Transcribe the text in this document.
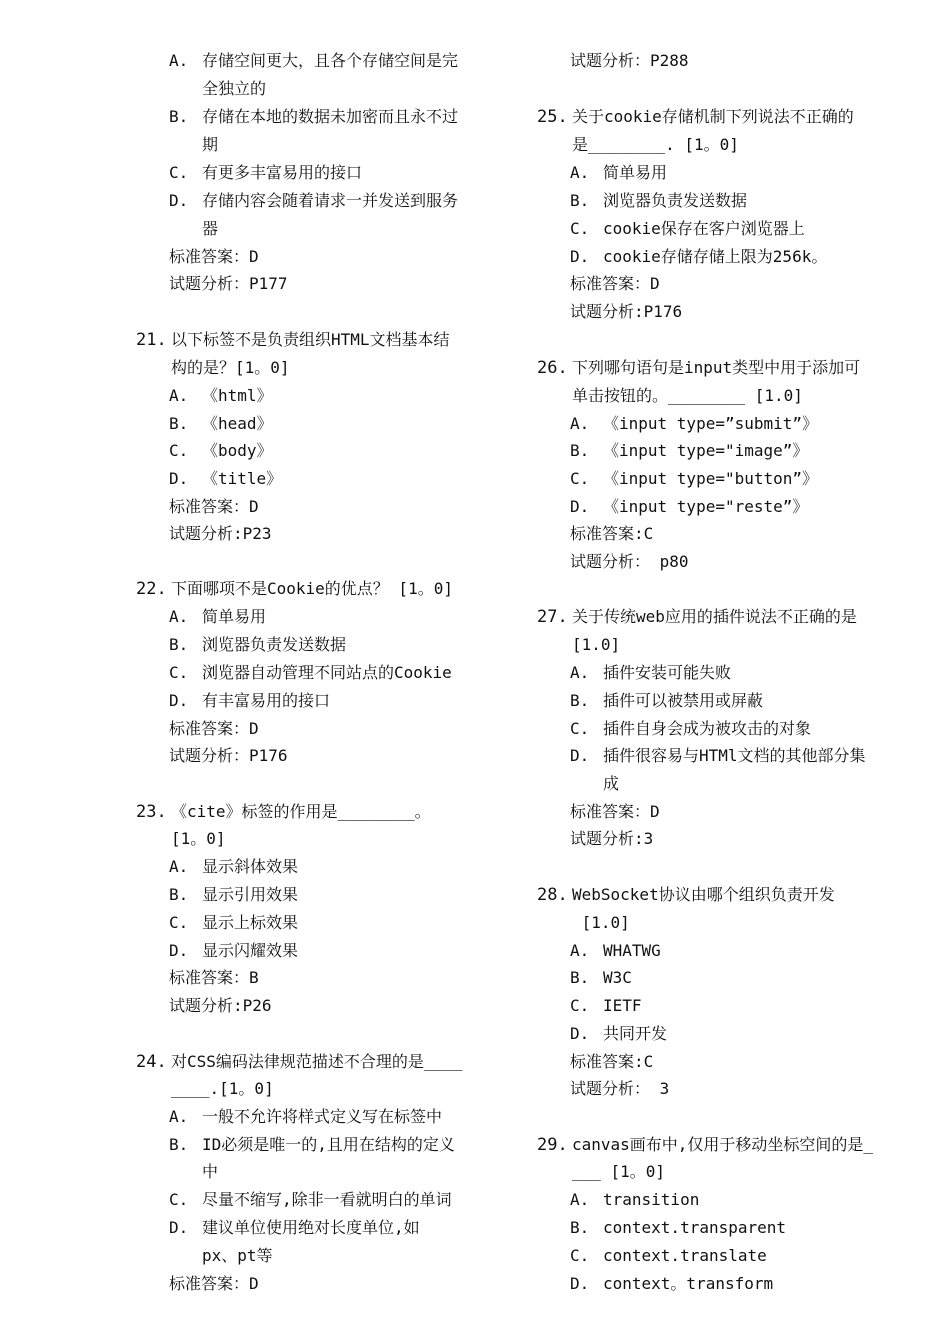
A. 存储空间更大，且各个存储空间是完
全独立的
B. 存储在本地的数据未加密而且永不过
期
C. 有更多丰富易用的接口
D. 存储内容会随着请求一并发送到服务
器
标准答案：D
试题分析：P177
21. 以下标签不是负责组织HTML文档基本结
构的是？[1。0]
A. 《html》
B. 《head》
C. 《body》
D. 《title》
标准答案：D
试题分析:P23
22. 下面哪项不是Cookie的优点？ [1。0]
A. 简单易用
B. 浏览器负责发送数据
C. 浏览器自动管理不同站点的Cookie
D. 有丰富易用的接口
标准答案：D
试题分析：P176
23. 《cite》标签的作用是________。
[1。0]
A. 显示斜体效果
B. 显示引用效果
C. 显示上标效果
D. 显示闪耀效果
标准答案：B
试题分析:P26
24. 对CSS编码法律规范描述不合理的是____
____.[1。0]
A. 一般不允许将样式定义写在标签中
B. ID必须是唯一的,且用在结构的定义
中
C. 尽量不缩写,除非一看就明白的单词
D. 建议单位使用绝对长度单位,如
px、pt等
标准答案：D
试题分析：P288
25. 关于cookie存储机制下列说法不正确的
是________. [1。0]
A. 简单易用
B. 浏览器负责发送数据
C. cookie保存在客户浏览器上
D. cookie存储存储上限为256k。
标准答案：D
试题分析:P176
26. 下列哪句语句是input类型中用于添加可
单击按钮的。________ [1.0]
A. 《input type=”submit”》
B. 《input type="image”》
C. 《input type="button”》
D. 《input type="reste”》
标准答案:C
试题分析： p80
27. 关于传统web应用的插件说法不正确的是
[1.0]
A. 插件安装可能失败
B. 插件可以被禁用或屏蔽
C. 插件自身会成为被攻击的对象
D. 插件很容易与HTMl文档的其他部分集
成
标准答案：D
试题分析:3
28. WebSocket协议由哪个组织负责开发
[1.0]
A. WHATWG
B. W3C
C. IETF
D. 共同开发
标准答案:C
试题分析： 3
29. canvas画布中,仅用于移动坐标空间的是_
___ [1。0]
A. transition
B. context.transparent
C. context.translate
D. context。transform
